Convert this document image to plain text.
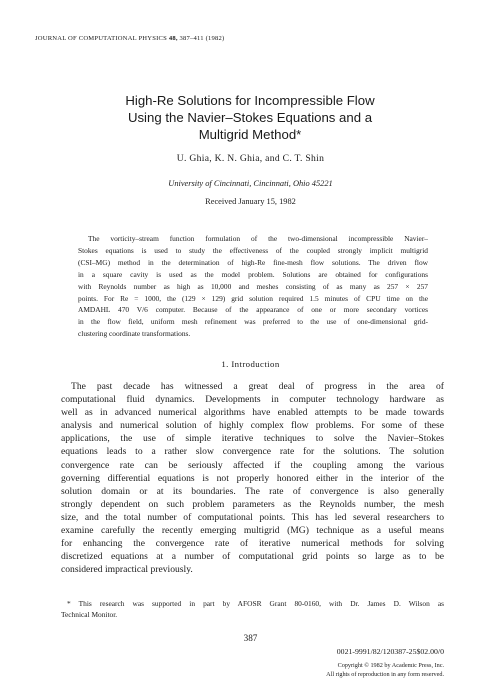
JOURNAL OF COMPUTATIONAL PHYSICS 48, 387–411 (1982)
High-Re Solutions for Incompressible Flow
Using the Navier–Stokes Equations and a
Multigrid Method*
U. Ghia, K. N. Ghia, and C. T. Shin
University of Cincinnati, Cincinnati, Ohio 45221
Received January 15, 1982
The vorticity–stream function formulation of the two-dimensional incompressible Navier–
Stokes equations is used to study the effectiveness of the coupled strongly implicit multigrid
(CSI–MG) method in the determination of high-Re fine-mesh flow solutions. The driven flow
in a square cavity is used as the model problem. Solutions are obtained for configurations
with Reynolds number as high as 10,000 and meshes consisting of as many as 257 × 257
points. For Re = 1000, the (129 × 129) grid solution required 1.5 minutes of CPU time on the
AMDAHL 470 V/6 computer. Because of the appearance of one or more secondary vortices
in the flow field, uniform mesh refinement was preferred to the use of one-dimensional grid-
clustering coordinate transformations.
1. Introduction
The past decade has witnessed a great deal of progress in the area of
computational fluid dynamics. Developments in computer technology hardware as
well as in advanced numerical algorithms have enabled attempts to be made towards
analysis and numerical solution of highly complex flow problems. For some of these
applications, the use of simple iterative techniques to solve the Navier–Stokes
equations leads to a rather slow convergence rate for the solutions. The solution
convergence rate can be seriously affected if the coupling among the various
governing differential equations is not properly honored either in the interior of the
solution domain or at its boundaries. The rate of convergence is also generally
strongly dependent on such problem parameters as the Reynolds number, the mesh
size, and the total number of computational points. This has led several researchers to
examine carefully the recently emerging multigrid (MG) technique as a useful means
for enhancing the convergence rate of iterative numerical methods for solving
discretized equations at a number of computational grid points so large as to be
considered impractical previously.
* This research was supported in part by AFOSR Grant 80-0160, with Dr. James D. Wilson as
Technical Monitor.
387
0021-9991/82/120387-25$02.00/0
Copyright © 1982 by Academic Press, Inc.
All rights of reproduction in any form reserved.
